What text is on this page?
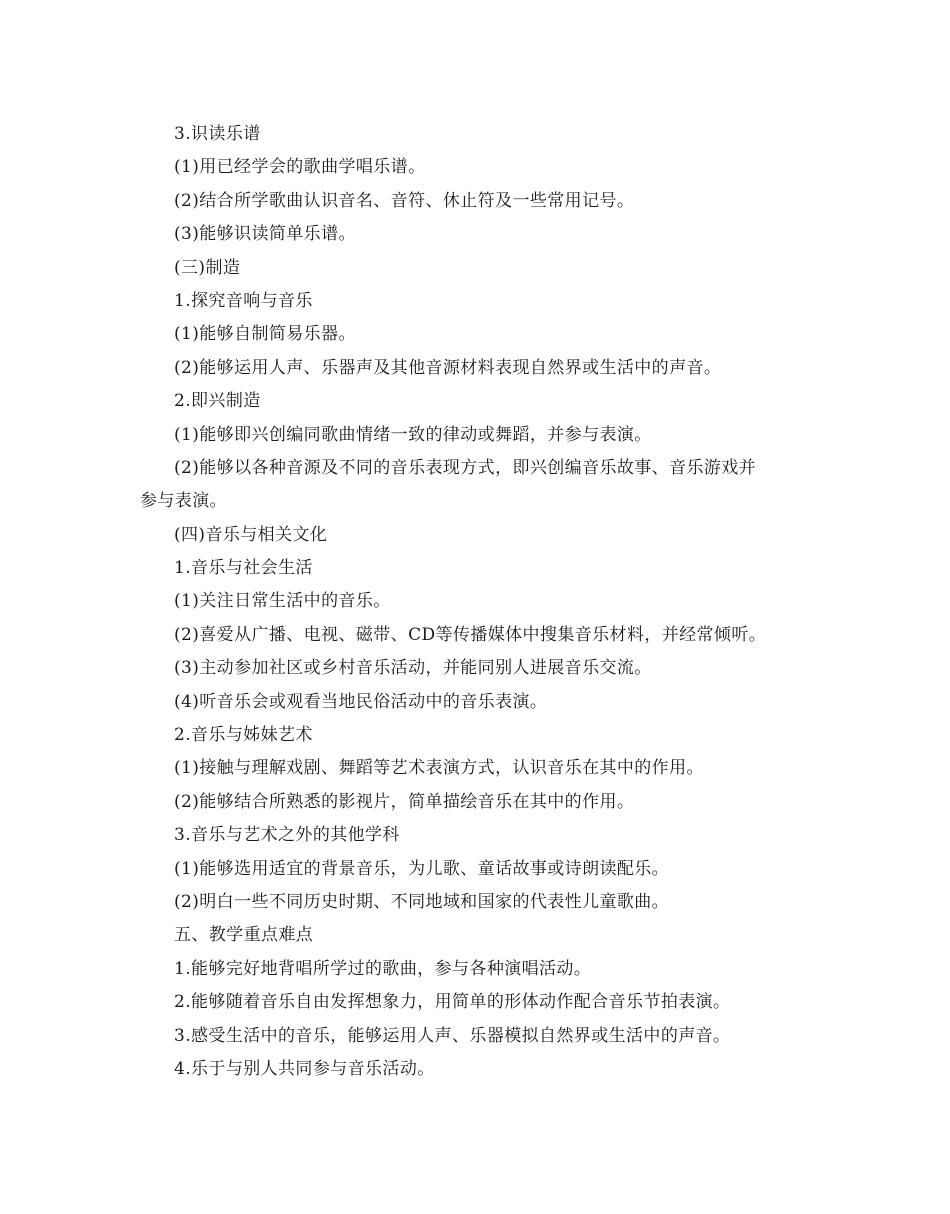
3.识读乐谱
(1)用已经学会的歌曲学唱乐谱。
(2)结合所学歌曲认识音名、音符、休止符及一些常用记号。
(3)能够识读简单乐谱。
(三)制造
1.探究音响与音乐
(1)能够自制简易乐器。
(2)能够运用人声、乐器声及其他音源材料表现自然界或生活中的声音。
2.即兴制造
(1)能够即兴创编同歌曲情绪一致的律动或舞蹈，并参与表演。
(2)能够以各种音源及不同的音乐表现方式，即兴创编音乐故事、音乐游戏并
参与表演。
(四)音乐与相关文化
1.音乐与社会生活
(1)关注日常生活中的音乐。
(2)喜爱从广播、电视、磁带、CD等传播媒体中搜集音乐材料，并经常倾听。
(3)主动参加社区或乡村音乐活动，并能同别人进展音乐交流。
(4)听音乐会或观看当地民俗活动中的音乐表演。
2.音乐与姊妹艺术
(1)接触与理解戏剧、舞蹈等艺术表演方式，认识音乐在其中的作用。
(2)能够结合所熟悉的影视片，简单描绘音乐在其中的作用。
3.音乐与艺术之外的其他学科
(1)能够选用适宜的背景音乐，为儿歌、童话故事或诗朗读配乐。
(2)明白一些不同历史时期、不同地域和国家的代表性儿童歌曲。
五、教学重点难点
1.能够完好地背唱所学过的歌曲，参与各种演唱活动。
2.能够随着音乐自由发挥想象力，用简单的形体动作配合音乐节拍表演。
3.感受生活中的音乐，能够运用人声、乐器模拟自然界或生活中的声音。
4.乐于与别人共同参与音乐活动。
